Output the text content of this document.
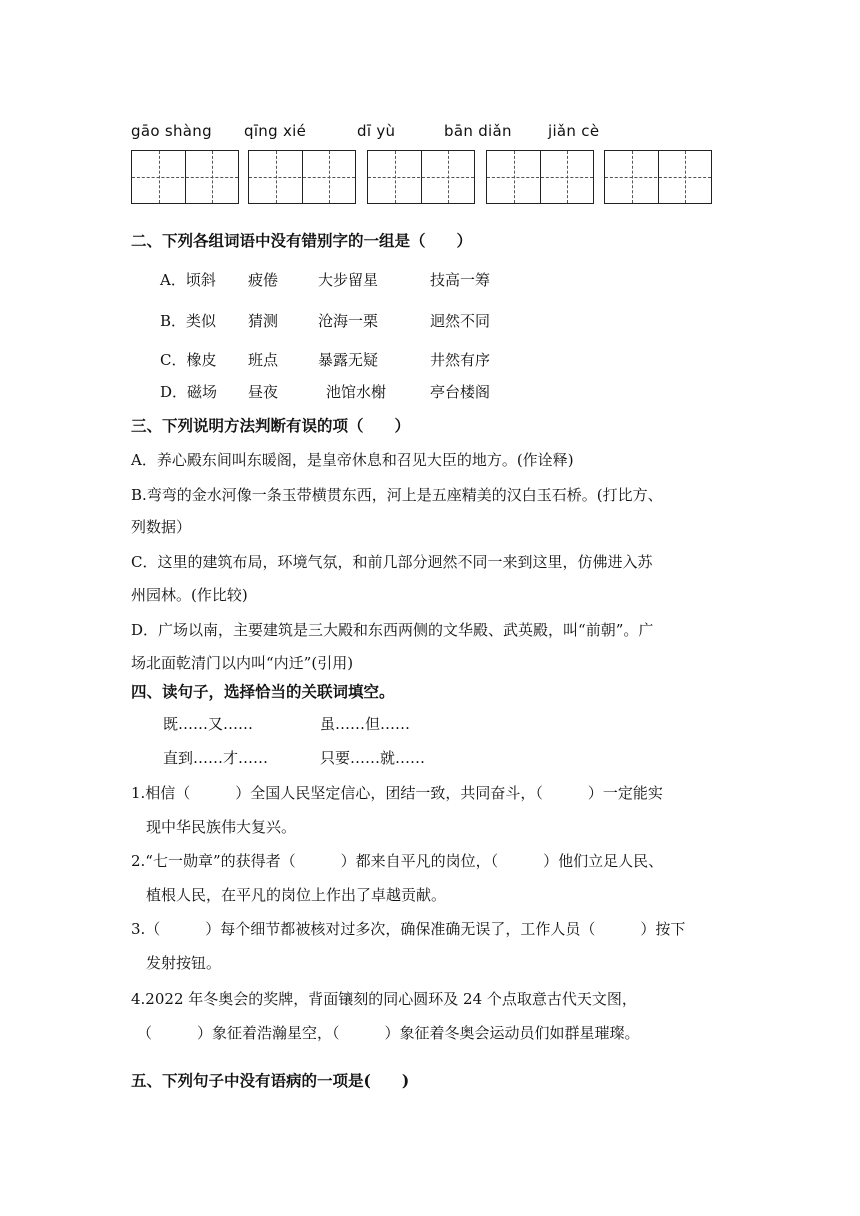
gāo shàng qīng xié	dī yù	bān diǎn jiǎn cè
二、下列各组词语中没有错别字的一组是（　　）
A．顷斜 疲倦	大步留星	技高一筹
B．类似 猜测	沧海一栗	迥然不同
C．橡皮 班点	暴露无疑	井然有序
D．磁场 昼夜	池馆水榭	亭台楼阁
三、下列说明方法判断有误的项（　　）
A．养心殿东间叫东暖阁，是皇帝休息和召见大臣的地方。(作诠释)
B.弯弯的金水河像一条玉带横贯东西，河上是五座精美的汉白玉石桥。(打比方、
列数据）
C．这里的建筑布局，环境气氛，和前几部分迥然不同一来到这里，仿佛进入苏
州园林。(作比较)
D．广场以南，主要建筑是三大殿和东西两侧的文华殿、武英殿，叫“前朝”。广
场北面乾清门以内叫“内迁”(引用)
四、读句子，选择恰当的关联词填空。
既……又……	虽……但……
直到……才……	只要……就……
1.相信（　　　）全国人民坚定信心，团结一致，共同奋斗，（　　　）一定能实
现中华民族伟大复兴。
2.“七一勋章”的获得者（　　　）都来自平凡的岗位，（　　　）他们立足人民、
植根人民，在平凡的岗位上作出了卓越贡献。
3.（　　　）每个细节都被核对过多次，确保准确无误了，工作人员（　　　）按下
发射按钮。
4.2022 年冬奥会的奖牌，背面镶刻的同心圆环及 24 个点取意古代天文图，
（　　　）象征着浩瀚星空，（　　　）象征着冬奥会运动员们如群星璀璨。
五、下列句子中没有语病的一项是(　　)
